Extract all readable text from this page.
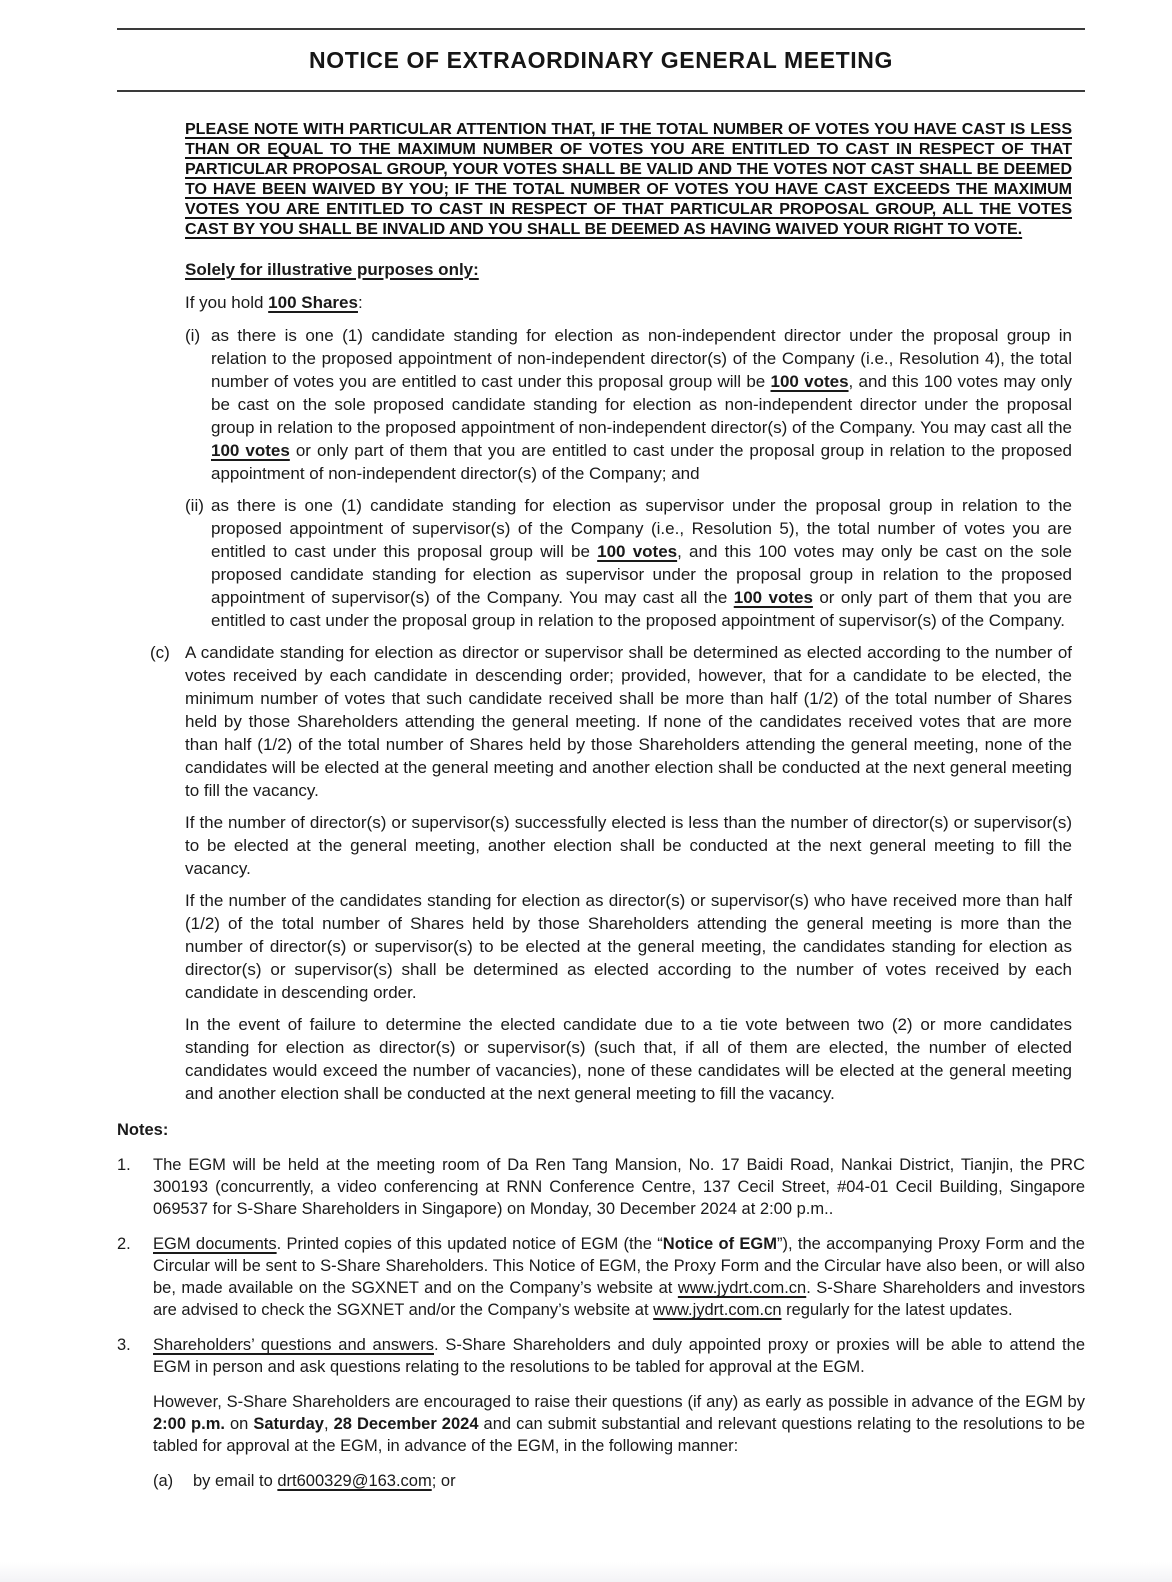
NOTICE OF EXTRAORDINARY GENERAL MEETING

PLEASE NOTE WITH PARTICULAR ATTENTION THAT, IF THE TOTAL NUMBER OF VOTES YOU HAVE CAST IS LESS THAN OR EQUAL TO THE MAXIMUM NUMBER OF VOTES YOU ARE ENTITLED TO CAST IN RESPECT OF THAT PARTICULAR PROPOSAL GROUP, YOUR VOTES SHALL BE VALID AND THE VOTES NOT CAST SHALL BE DEEMED TO HAVE BEEN WAIVED BY YOU; IF THE TOTAL NUMBER OF VOTES YOU HAVE CAST EXCEEDS THE MAXIMUM VOTES YOU ARE ENTITLED TO CAST IN RESPECT OF THAT PARTICULAR PROPOSAL GROUP, ALL THE VOTES CAST BY YOU SHALL BE INVALID AND YOU SHALL BE DEEMED AS HAVING WAIVED YOUR RIGHT TO VOTE.

Solely for illustrative purposes only:

If you hold 100 Shares:

(i) as there is one (1) candidate standing for election as non-independent director under the proposal group in relation to the proposed appointment of non-independent director(s) of the Company (i.e., Resolution 4), the total number of votes you are entitled to cast under this proposal group will be 100 votes, and this 100 votes may only be cast on the sole proposed candidate standing for election as non-independent director under the proposal group in relation to the proposed appointment of non-independent director(s) of the Company. You may cast all the 100 votes or only part of them that you are entitled to cast under the proposal group in relation to the proposed appointment of non-independent director(s) of the Company; and
(ii) as there is one (1) candidate standing for election as supervisor under the proposal group in relation to the proposed appointment of supervisor(s) of the Company (i.e., Resolution 5), the total number of votes you are entitled to cast under this proposal group will be 100 votes, and this 100 votes may only be cast on the sole proposed candidate standing for election as supervisor under the proposal group in relation to the proposed appointment of supervisor(s) of the Company. You may cast all the 100 votes or only part of them that you are entitled to cast under the proposal group in relation to the proposed appointment of supervisor(s) of the Company.
(c) A candidate standing for election as director or supervisor shall be determined as elected according to the number of votes received by each candidate in descending order; provided, however, that for a candidate to be elected, the minimum number of votes that such candidate received shall be more than half (1/2) of the total number of Shares held by those Shareholders attending the general meeting. If none of the candidates received votes that are more than half (1/2) of the total number of Shares held by those Shareholders attending the general meeting, none of the candidates will be elected at the general meeting and another election shall be conducted at the next general meeting to fill the vacancy.

If the number of director(s) or supervisor(s) successfully elected is less than the number of director(s) or supervisor(s) to be elected at the general meeting, another election shall be conducted at the next general meeting to fill the vacancy.

If the number of the candidates standing for election as director(s) or supervisor(s) who have received more than half (1/2) of the total number of Shares held by those Shareholders attending the general meeting is more than the number of director(s) or supervisor(s) to be elected at the general meeting, the candidates standing for election as director(s) or supervisor(s) shall be determined as elected according to the number of votes received by each candidate in descending order.

In the event of failure to determine the elected candidate due to a tie vote between two (2) or more candidates standing for election as director(s) or supervisor(s) (such that, if all of them are elected, the number of elected candidates would exceed the number of vacancies), none of these candidates will be elected at the general meeting and another election shall be conducted at the next general meeting to fill the vacancy.

Notes:

1.	The EGM will be held at the meeting room of Da Ren Tang Mansion, No. 17 Baidi Road, Nankai District, Tianjin, the PRC 300193 (concurrently, a video conferencing at RNN Conference Centre, 137 Cecil Street, #04-01 Cecil Building, Singapore 069537 for S-Share Shareholders in Singapore) on Monday, 30 December 2024 at 2:00 p.m..
2.	EGM documents. Printed copies of this updated notice of EGM (the “Notice of EGM”), the accompanying Proxy Form and the Circular will be sent to S-Share Shareholders. This Notice of EGM, the Proxy Form and the Circular have also been, or will also be, made available on the SGXNET and on the Company’s website at www.jydrt.com.cn. S-Share Shareholders and investors are advised to check the SGXNET and/or the Company’s website at www.jydrt.com.cn regularly for the latest updates.
3.	Shareholders’ questions and answers. S-Share Shareholders and duly appointed proxy or proxies will be able to attend the EGM in person and ask questions relating to the resolutions to be tabled for approval at the EGM.

However, S-Share Shareholders are encouraged to raise their questions (if any) as early as possible in advance of the EGM by 2:00 p.m. on Saturday, 28 December 2024 and can submit substantial and relevant questions relating to the resolutions to be tabled for approval at the EGM, in advance of the EGM, in the following manner:

(a)	by email to drt600329@163.com; or
